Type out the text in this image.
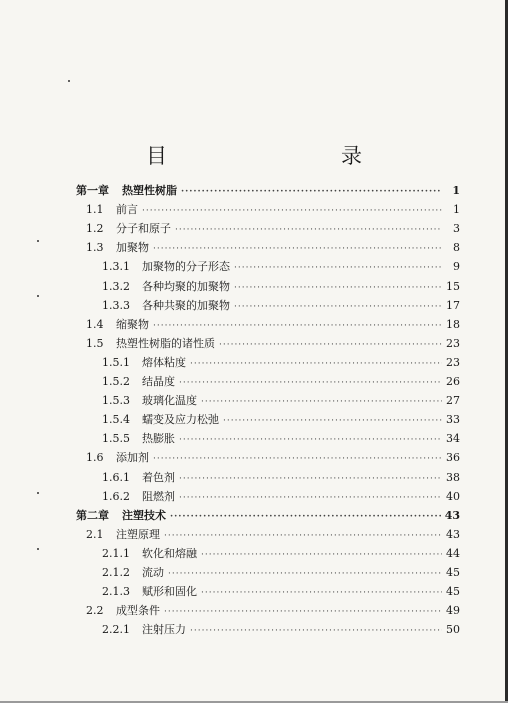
目　　录
第一章	热塑性树脂 ·····	1
1.1	前言 ·····	1
1.2	分子和原子 ·····	3
1.3	加聚物 ·····	8
1.3.1	加聚物的分子形态 ·····	9
1.3.2	各种均聚的加聚物 ·····	15
1.3.3	各种共聚的加聚物 ·····	17
1.4	缩聚物 ·····	18
1.5	热塑性树脂的诸性质 ·····	23
1.5.1	熔体粘度 ·····	23
1.5.2	结晶度 ·····	26
1.5.3	玻璃化温度 ·····	27
1.5.4	蠕变及应力松弛 ·····	33
1.5.5	热膨胀 ·····	34
1.6	添加剂 ·····	36
1.6.1	着色剂 ·····	38
1.6.2	阻燃剂 ·····	40
第二章	注塑技术 ·····	43
2.1	注塑原理 ·····	43
2.1.1	软化和熔融 ·····	44
2.1.2	流动 ·····	45
2.1.3	赋形和固化 ·····	45
2.2	成型条件 ·····	49
2.2.1	注射压力 ·····	50
